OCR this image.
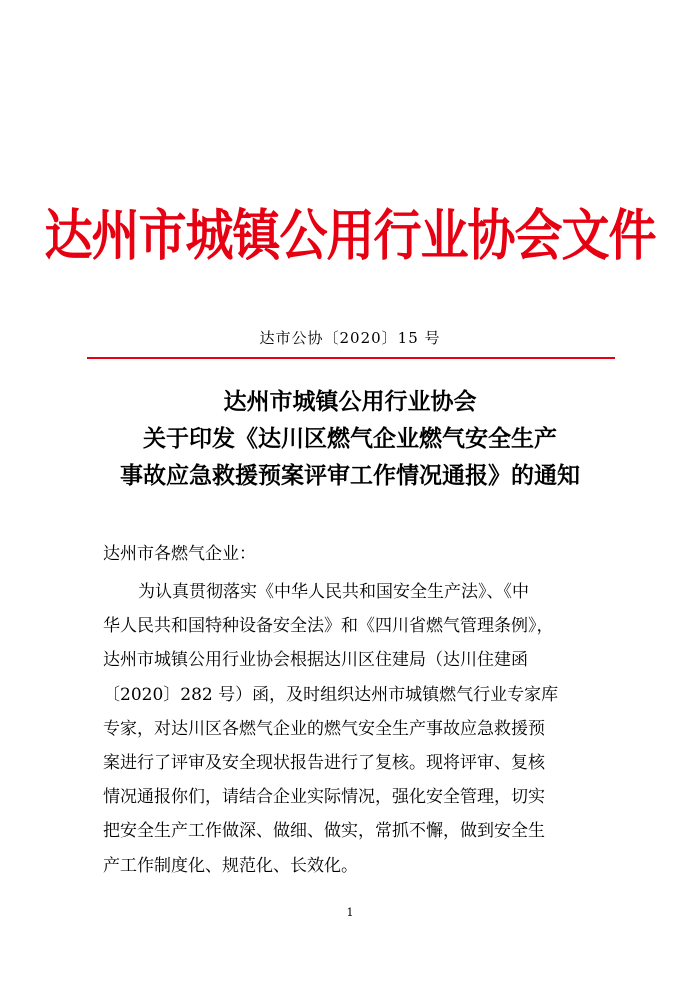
达州市城镇公用行业协会文件
达市公协〔2020〕15 号
达州市城镇公用行业协会
关于印发《达川区燃气企业燃气安全生产
事故应急救援预案评审工作情况通报》的通知
达州市各燃气企业：
为认真贯彻落实《中华人民共和国安全生产法》、《中
华人民共和国特种设备安全法》和《四川省燃气管理条例》，
达州市城镇公用行业协会根据达川区住建局（达川住建函
〔2020〕282 号）函，及时组织达州市城镇燃气行业专家库
专家，对达川区各燃气企业的燃气安全生产事故应急救援预
案进行了评审及安全现状报告进行了复核。现将评审、复核
情况通报你们，请结合企业实际情况，强化安全管理，切实
把安全生产工作做深、做细、做实，常抓不懈，做到安全生
产工作制度化、规范化、长效化。
1
